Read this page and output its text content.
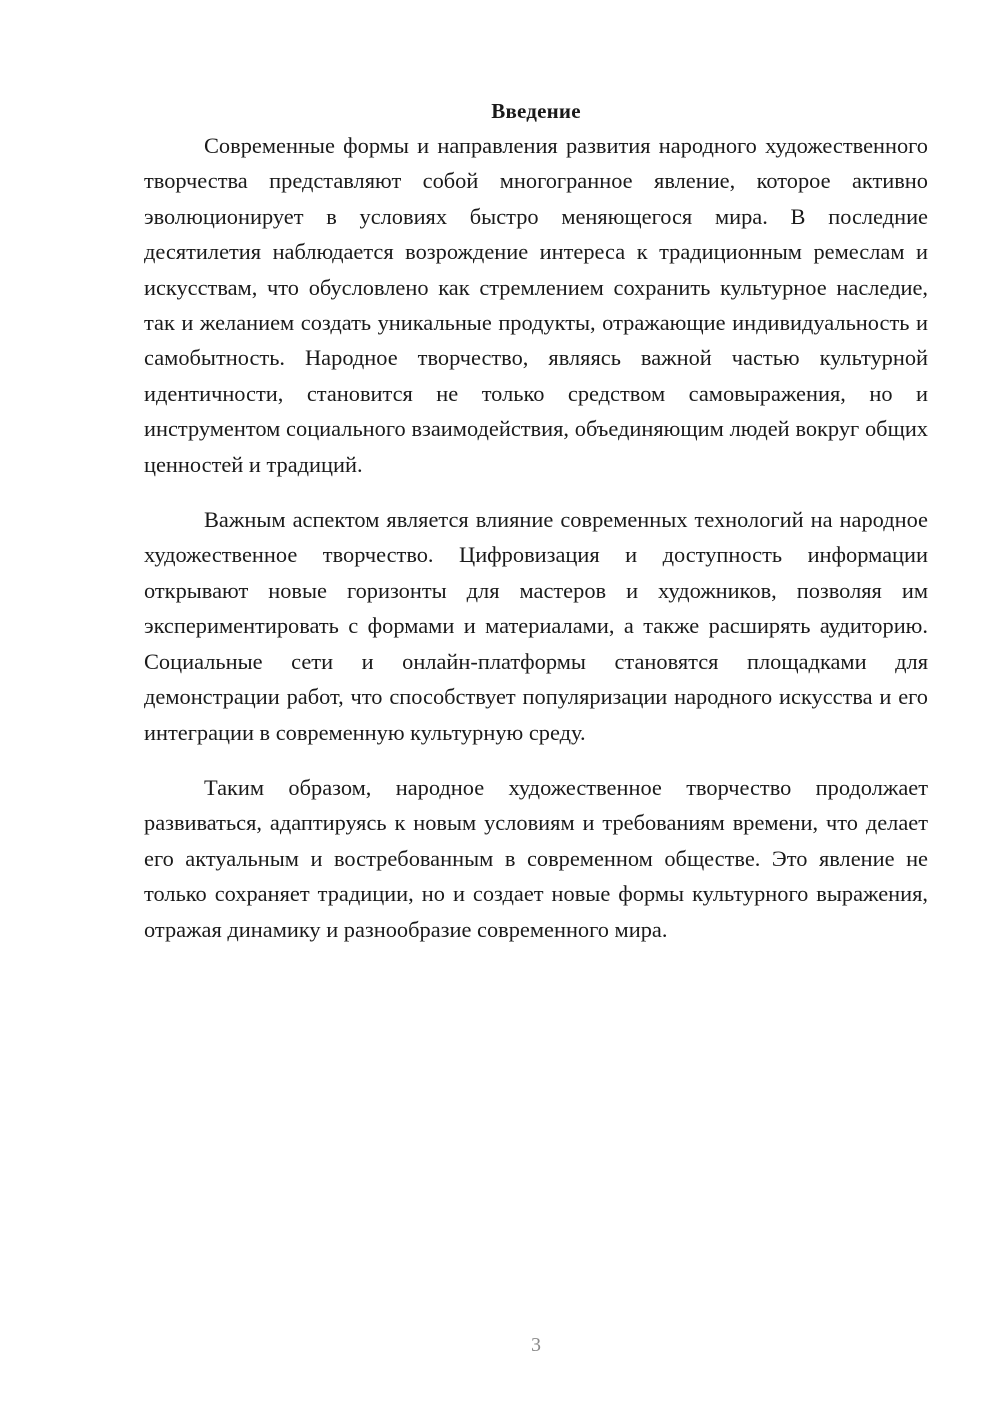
Введение

Современные формы и направления развития народного художественного творчества представляют собой многогранное явление, которое активно эволюционирует в условиях быстро меняющегося мира. В последние десятилетия наблюдается возрождение интереса к традиционным ремеслам и искусствам, что обусловлено как стремлением сохранить культурное наследие, так и желанием создать уникальные продукты, отражающие индивидуальность и самобытность. Народное творчество, являясь важной частью культурной идентичности, становится не только средством самовыражения, но и инструментом социального взаимодействия, объединяющим людей вокруг общих ценностей и традиций.

Важным аспектом является влияние современных технологий на народное художественное творчество. Цифровизация и доступность информации открывают новые горизонты для мастеров и художников, позволяя им экспериментировать с формами и материалами, а также расширять аудиторию. Социальные сети и онлайн-платформы становятся площадками для демонстрации работ, что способствует популяризации народного искусства и его интеграции в современную культурную среду.

Таким образом, народное художественное творчество продолжает развиваться, адаптируясь к новым условиям и требованиям времени, что делает его актуальным и востребованным в современном обществе. Это явление не только сохраняет традиции, но и создает новые формы культурного выражения, отражая динамику и разнообразие современного мира.

3
